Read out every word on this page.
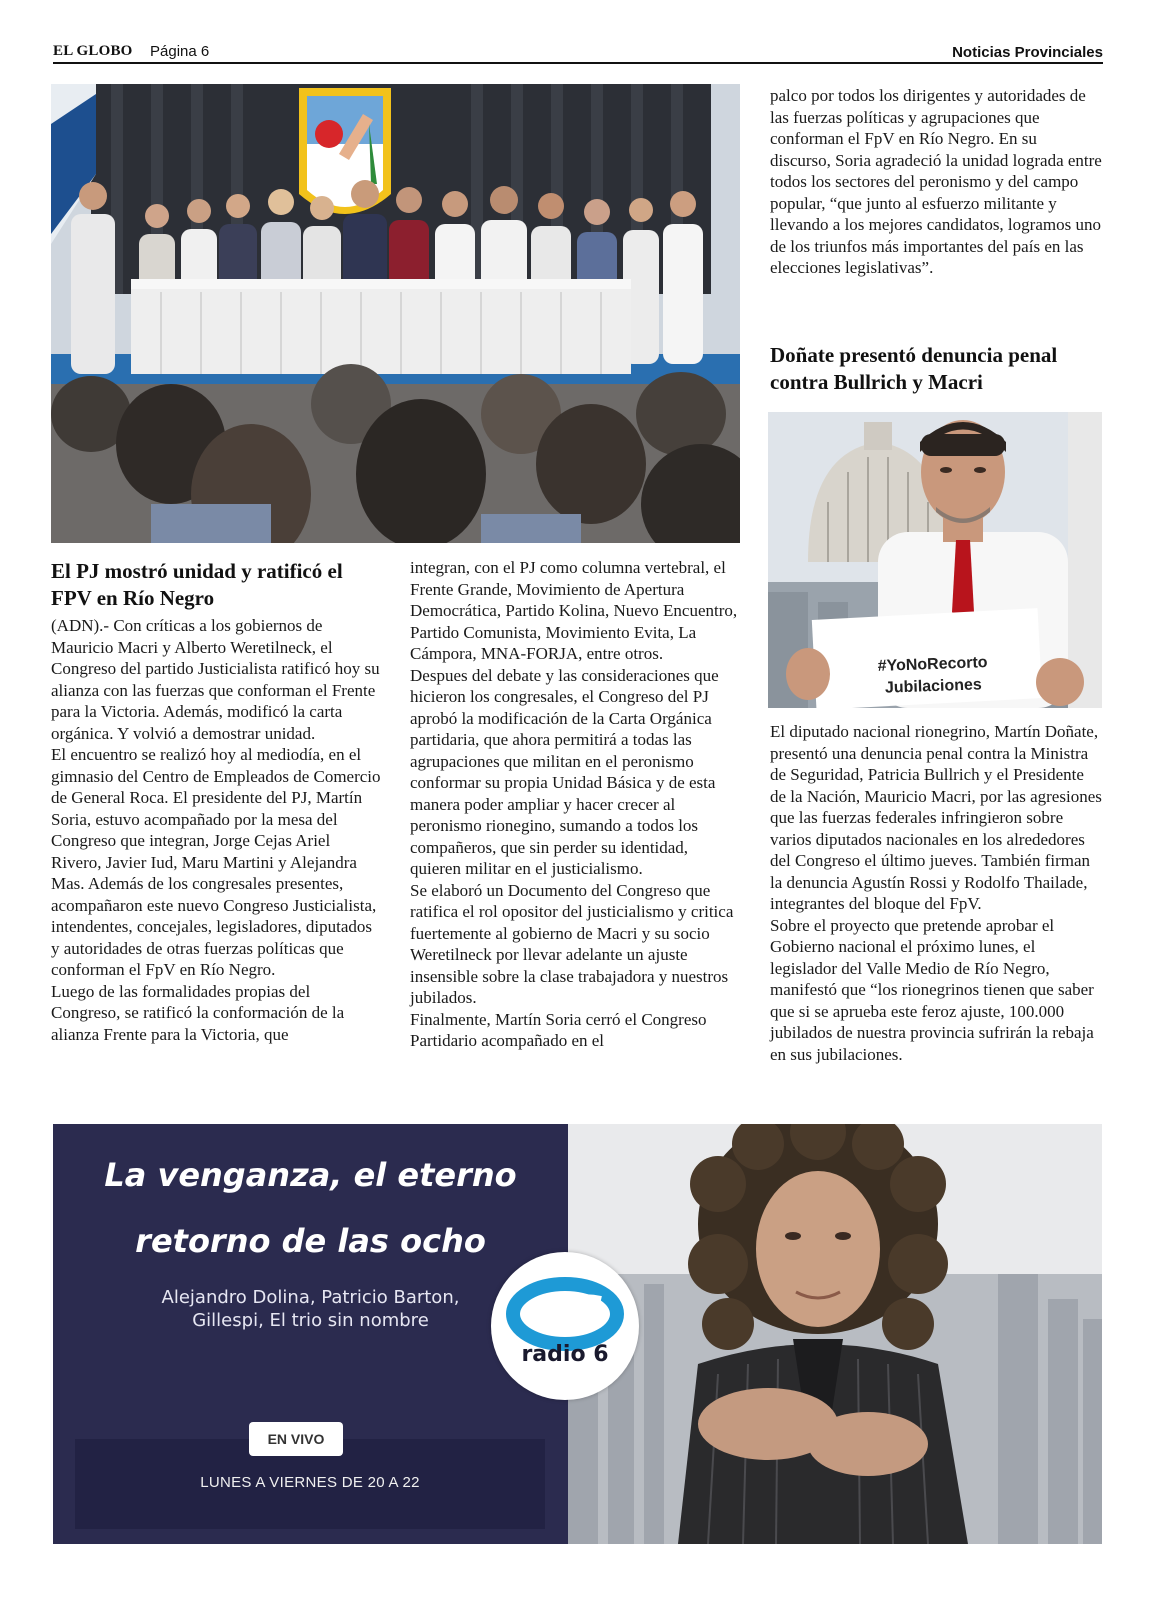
EL GLOBO Página 6	Noticias Provinciales
El PJ mostró unidad y ratificó el FPV en Río Negro

(ADN).- Con críticas a los gobiernos de Mauricio Macri y Alberto Weretilneck, el Congreso del partido Justicialista ratificó hoy su alianza con las fuerzas que conforman el Frente para la Victoria. Además, modificó la carta orgánica. Y volvió a demostrar unidad.

El encuentro se realizó hoy al mediodía, en el gimnasio del Centro de Empleados de Comercio de General Roca. El presidente del PJ, Martín Soria, estuvo acompañado por la mesa del Congreso que integran, Jorge Cejas Ariel Rivero, Javier Iud, Maru Martini y Alejandra Mas. Además de los congresales presentes, acompañaron este nuevo Congreso Justicialista, intendentes, concejales, legisladores, diputados y autoridades de otras fuerzas políticas que conforman el FpV en Río Negro.

Luego de las formalidades propias del Congreso, se ratificó la conformación de la alianza Frente para la Victoria, que

integran, con el PJ como columna vertebral, el Frente Grande, Movimiento de Apertura Democrática, Partido Kolina, Nuevo Encuentro, Partido Comunista, Movimiento Evita, La Cámpora, MNA-FORJA, entre otros.

Despues del debate y las consideraciones que hicieron los congresales, el Congreso del PJ aprobó la modificación de la Carta Orgánica partidaria, que ahora permitirá a todas las agrupaciones que militan en el peronismo conformar su propia Unidad Básica y de esta manera poder ampliar y hacer crecer al peronismo rionegino, sumando a todos los compañeros, que sin perder su identidad, quieren militar en el justicialismo.

Se elaboró un Documento del Congreso que ratifica el rol opositor del justicialismo y critica fuertemente al gobierno de Macri y su socio Weretilneck por llevar adelante un ajuste insensible sobre la clase trabajadora y nuestros jubilados.

Finalmente, Martín Soria cerró el Congreso Partidario acompañado en el

palco por todos los dirigentes y autoridades de las fuerzas políticas y agrupaciones que conforman el FpV en Río Negro. En su discurso, Soria agradeció la unidad lograda entre todos los sectores del peronismo y del campo popular, “que junto al esfuerzo militante y llevando a los mejores candidatos, logramos uno de los triunfos más importantes del país en las elecciones legislativas”.

Doñate presentó denuncia penal contra Bullrich y Macri
#YoNoRecorto
Jubilaciones

El diputado nacional rionegrino, Martín Doñate, presentó una denuncia penal contra la Ministra de Seguridad, Patricia Bullrich y el Presidente de la Nación, Mauricio Macri, por las agresiones que las fuerzas federales infringieron sobre varios diputados nacionales en los alrededores del Congreso el último jueves. También firman la denuncia Agustín Rossi y Rodolfo Thailade, integrantes del bloque del FpV.

Sobre el proyecto que pretende aprobar el Gobierno nacional el próximo lunes, el legislador del Valle Medio de Río Negro, manifestó que “los rionegrinos tienen que saber que si se aprueba este feroz ajuste, 100.000 jubilados de nuestra provincia sufrirán la rebaja en sus jubilaciones.

La venganza, el eterno
retorno de las ocho
Alejandro Dolina, Patricio Barton,
Gillespi, El trio sin nombre
EN VIVO
LUNES A VIERNES DE 20 A 22
radio 6
